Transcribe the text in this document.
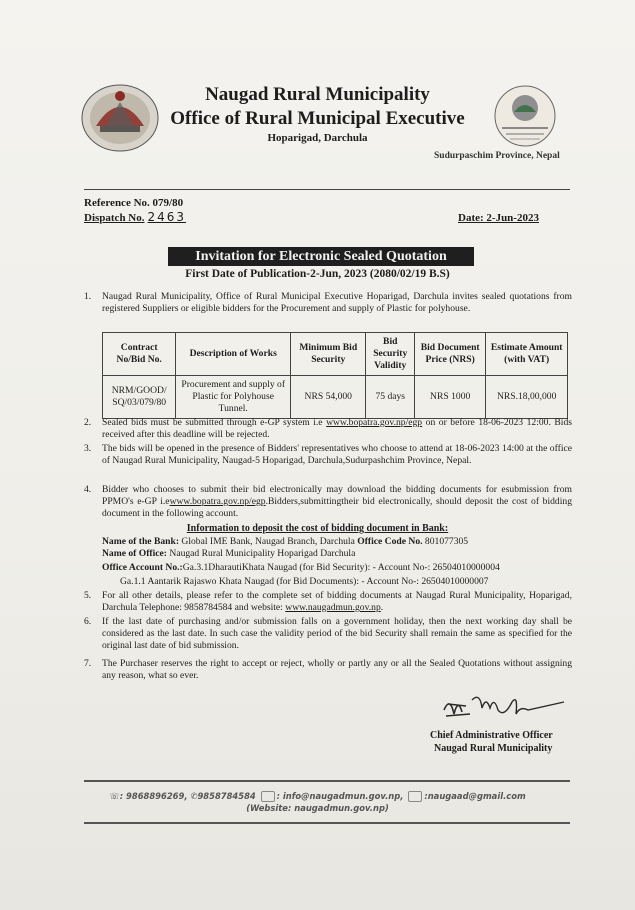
Naugad Rural Municipality
Office of Rural Municipal Executive
Hoparigad, Darchula
Sudurpaschim Province, Nepal
Reference No. 079/80
Dispatch No. 2463	Date: 2-Jun-2023
Invitation for Electronic Sealed Quotation
First Date of Publication-2-Jun, 2023 (2080/02/19 B.S)
1. Naugad Rural Municipality, Office of Rural Municipal Executive Hoparigad, Darchula invites sealed quotations from registered Suppliers or eligible bidders for the Procurement and supply of Plastic for polyhouse.
Contract No/Bid No.	Description of Works	Minimum Bid Security	Bid Security Validity	Bid Document Price (NRS)	Estimate Amount (with VAT)
NRM/GOOD/ SQ/03/079/80	Procurement and supply of Plastic for Polyhouse Tunnel.	NRS 54,000	75 days	NRS 1000	NRS.18,00,000
2. Sealed bids must be submitted through e-GP system i.e www.bopatra.gov.np/egp on or before 18-06-2023 12:00. Bids received after this deadline will be rejected.
3. The bids will be opened in the presence of Bidders' representatives who choose to attend at 18-06-2023 14:00 at the office of Naugad Rural Municipality, Naugad-5 Hoparigad, Darchula,Sudurpashchim Province, Nepal.
4. Bidder who chooses to submit their bid electronically may download the bidding documents for esubmission from PPMO's e-GP i.ewww.bopatra.gov.np/egp.Bidders,submittingtheir bid electronically, should deposit the cost of bidding document in the following account.
Information to deposit the cost of bidding document in Bank:
Name of the Bank: Global IME Bank, Naugad Branch, Darchula Office Code No. 801077305
Name of Office: Naugad Rural Municipality Hoparigad Darchula
Office Account No.:Ga.3.1DharautiKhata Naugad (for Bid Security): - Account No-: 26504010000004
Ga.1.1 Aantarik Rajaswo Khata Naugad (for Bid Documents): - Account No-: 26504010000007
5. For all other details, please refer to the complete set of bidding documents at Naugad Rural Municipality, Hoparigad, Darchula Telephone: 9858784584 and website: www.naugadmun.gov.np.
6. If the last date of purchasing and/or submission falls on a government holiday, then the next working day shall be considered as the last date. In such case the validity period of the bid Security shall remain the same as specified for the original last date of bid submission.
7. The Purchaser reserves the right to accept or reject, wholly or partly any or all the Sealed Quotations without assigning any reason, what so ever.
Chief Administrative Officer
Naugad Rural Municipality
☏: 9868896269, ✆9858784584 : info@naugadmun.gov.np, :naugaad@gmail.com
(Website: naugadmun.gov.np)
